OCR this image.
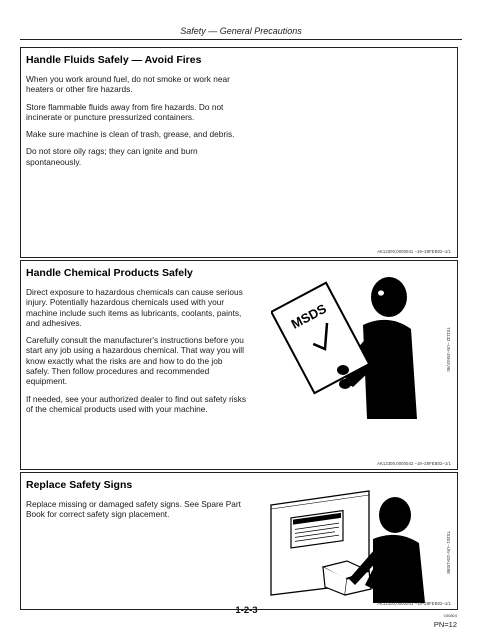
Safety — General Precautions
Handle Fluids Safely — Avoid Fires

When you work around fuel, do not smoke or work near heaters or other fire hazards.

Store flammable fluids away from fire hazards. Do not incinerate or puncture pressurized containers.

Make sure machine is clean of trash, grease, and debris.

Do not store oily rags; they can ignite and burn spontaneously.

AK12300,0000041 –19–28FEB02–1/1
Handle Chemical Products Safely

Direct exposure to hazardous chemicals can cause serious injury. Potentially hazardous chemicals used with your machine include such items as lubricants, coolants, paints, and adhesives.

Carefully consult the manufacturer's instructions before you start any job using a hazardous chemical. That way you will know exactly what the risks are and how to do the job safely. Then follow procedures and recommended equipment.

If needed, see your authorized dealer to find out safety risks of the chemical products used with your machine.

MSDS
TS1132 –UN–26NOV90
AK12300,0000042 –19–28FEB02–1/1
Replace Safety Signs

Replace missing or damaged safety signs. See Spare Part Book for correct safety sign placement.

TS201 –UN–23AUG88
AK12300,0000043 –19–28FEB02–1/1
1-2-3	030804
PN=12
